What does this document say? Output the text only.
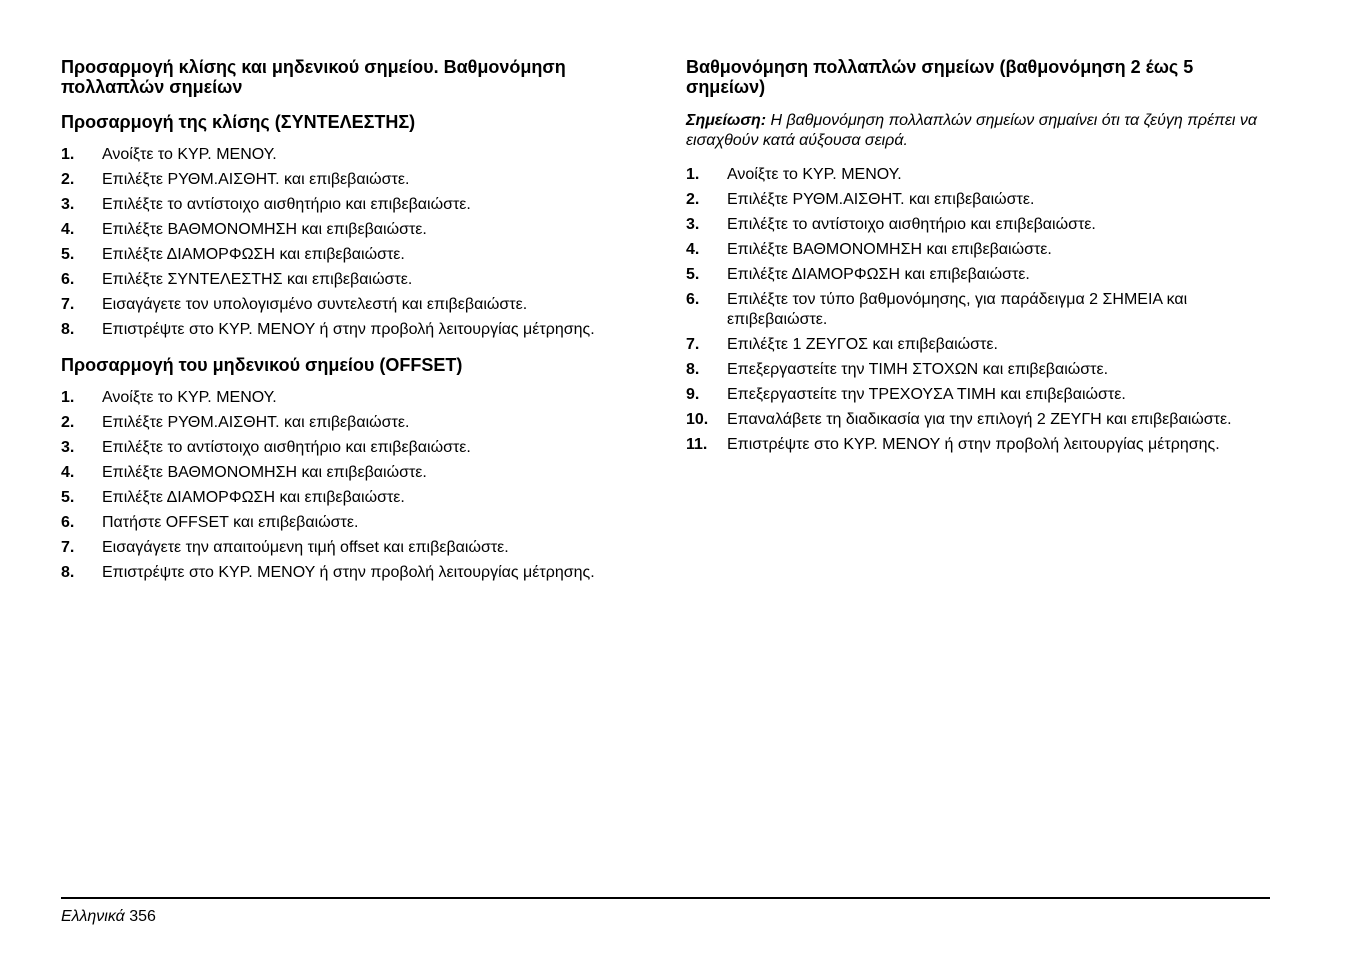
Προσαρμογή κλίσης και μηδενικού σημείου. Βαθμονόμηση πολλαπλών σημείων
Προσαρμογή της κλίσης (ΣΥΝΤΕΛΕΣΤΗΣ)
1.	Ανοίξτε το ΚΥΡ. ΜΕΝΟΥ.
2.	Επιλέξτε ΡΥΘΜ.ΑΙΣΘΗΤ. και επιβεβαιώστε.
3.	Επιλέξτε το αντίστοιχο αισθητήριο και επιβεβαιώστε.
4.	Επιλέξτε ΒΑΘΜΟΝΟΜΗΣΗ και επιβεβαιώστε.
5.	Επιλέξτε ΔΙΑΜΟΡΦΩΣΗ και επιβεβαιώστε.
6.	Επιλέξτε ΣΥΝΤΕΛΕΣΤΗΣ και επιβεβαιώστε.
7.	Εισαγάγετε τον υπολογισμένο συντελεστή και επιβεβαιώστε.
8.	Επιστρέψτε στο ΚΥΡ. ΜΕΝΟΥ ή στην προβολή λειτουργίας μέτρησης.
Προσαρμογή του μηδενικού σημείου (OFFSET)
1.	Ανοίξτε το ΚΥΡ. ΜΕΝΟΥ.
2.	Επιλέξτε ΡΥΘΜ.ΑΙΣΘΗΤ. και επιβεβαιώστε.
3.	Επιλέξτε το αντίστοιχο αισθητήριο και επιβεβαιώστε.
4.	Επιλέξτε ΒΑΘΜΟΝΟΜΗΣΗ και επιβεβαιώστε.
5.	Επιλέξτε ΔΙΑΜΟΡΦΩΣΗ και επιβεβαιώστε.
6.	Πατήστε OFFSET και επιβεβαιώστε.
7.	Εισαγάγετε την απαιτούμενη τιμή offset και επιβεβαιώστε.
8.	Επιστρέψτε στο ΚΥΡ. ΜΕΝΟΥ ή στην προβολή λειτουργίας μέτρησης.
Βαθμονόμηση πολλαπλών σημείων (βαθμονόμηση 2 έως 5 σημείων)

Σημείωση: Η βαθμονόμηση πολλαπλών σημείων σημαίνει ότι τα ζεύγη πρέπει να εισαχθούν κατά αύξουσα σειρά.

1.	Ανοίξτε το ΚΥΡ. ΜΕΝΟΥ.
2.	Επιλέξτε ΡΥΘΜ.ΑΙΣΘΗΤ. και επιβεβαιώστε.
3.	Επιλέξτε το αντίστοιχο αισθητήριο και επιβεβαιώστε.
4.	Επιλέξτε ΒΑΘΜΟΝΟΜΗΣΗ και επιβεβαιώστε.
5.	Επιλέξτε ΔΙΑΜΟΡΦΩΣΗ και επιβεβαιώστε.
6.	Επιλέξτε τον τύπο βαθμονόμησης, για παράδειγμα 2 ΣΗΜΕΙΑ και επιβεβαιώστε.
7.	Επιλέξτε 1 ΖΕΥΓΟΣ και επιβεβαιώστε.
8.	Επεξεργαστείτε την ΤΙΜΗ ΣΤΟΧΩΝ και επιβεβαιώστε.
9.	Επεξεργαστείτε την ΤΡΕΧΟΥΣΑ ΤΙΜΗ και επιβεβαιώστε.
10.	Επαναλάβετε τη διαδικασία για την επιλογή 2 ΖΕΥΓΗ και επιβεβαιώστε.
11.	Επιστρέψτε στο ΚΥΡ. ΜΕΝΟΥ ή στην προβολή λειτουργίας μέτρησης.
Ελληνικά 356
